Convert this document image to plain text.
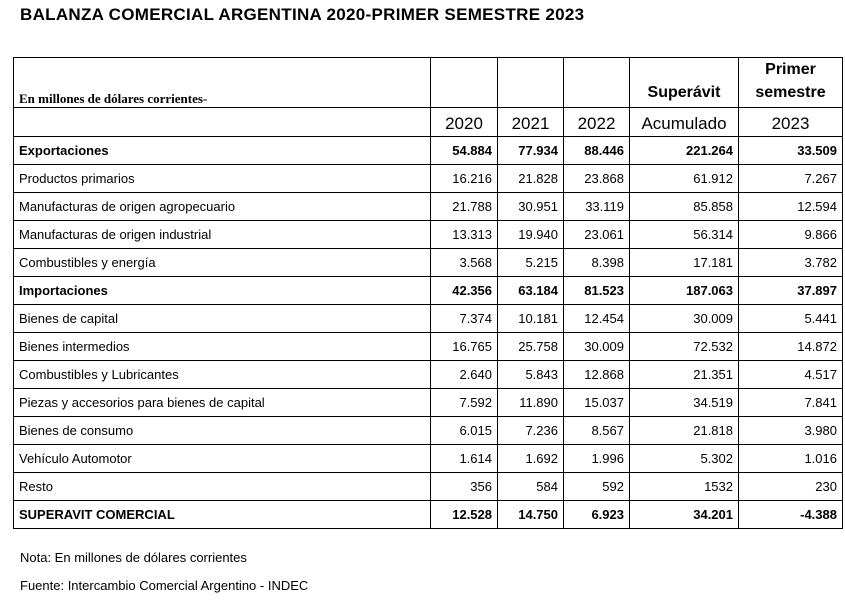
BALANZA COMERCIAL ARGENTINA 2020-PRIMER SEMESTRE 2023
En millones de dólares corrientes-				Superávit	Primer
semestre
	2020	2021	2022	Acumulado	2023
Exportaciones	54.884	77.934	88.446	221.264	33.509
Productos primarios	16.216	21.828	23.868	61.912	7.267
Manufacturas de origen agropecuario	21.788	30.951	33.119	85.858	12.594
Manufacturas de origen industrial	13.313	19.940	23.061	56.314	9.866
Combustibles y energía	3.568	5.215	8.398	17.181	3.782
Importaciones	42.356	63.184	81.523	187.063	37.897
Bienes de capital	7.374	10.181	12.454	30.009	5.441
Bienes intermedios	16.765	25.758	30.009	72.532	14.872
Combustibles y Lubricantes	2.640	5.843	12.868	21.351	4.517
Piezas y accesorios para bienes de capital	7.592	11.890	15.037	34.519	7.841
Bienes de consumo	6.015	7.236	8.567	21.818	3.980
Vehículo Automotor	1.614	1.692	1.996	5.302	1.016
Resto	356	584	592	1532	230
SUPERAVIT COMERCIAL	12.528	14.750	6.923	34.201	-4.388
Nota: En millones de dólares corrientes
Fuente: Intercambio Comercial Argentino - INDEC
